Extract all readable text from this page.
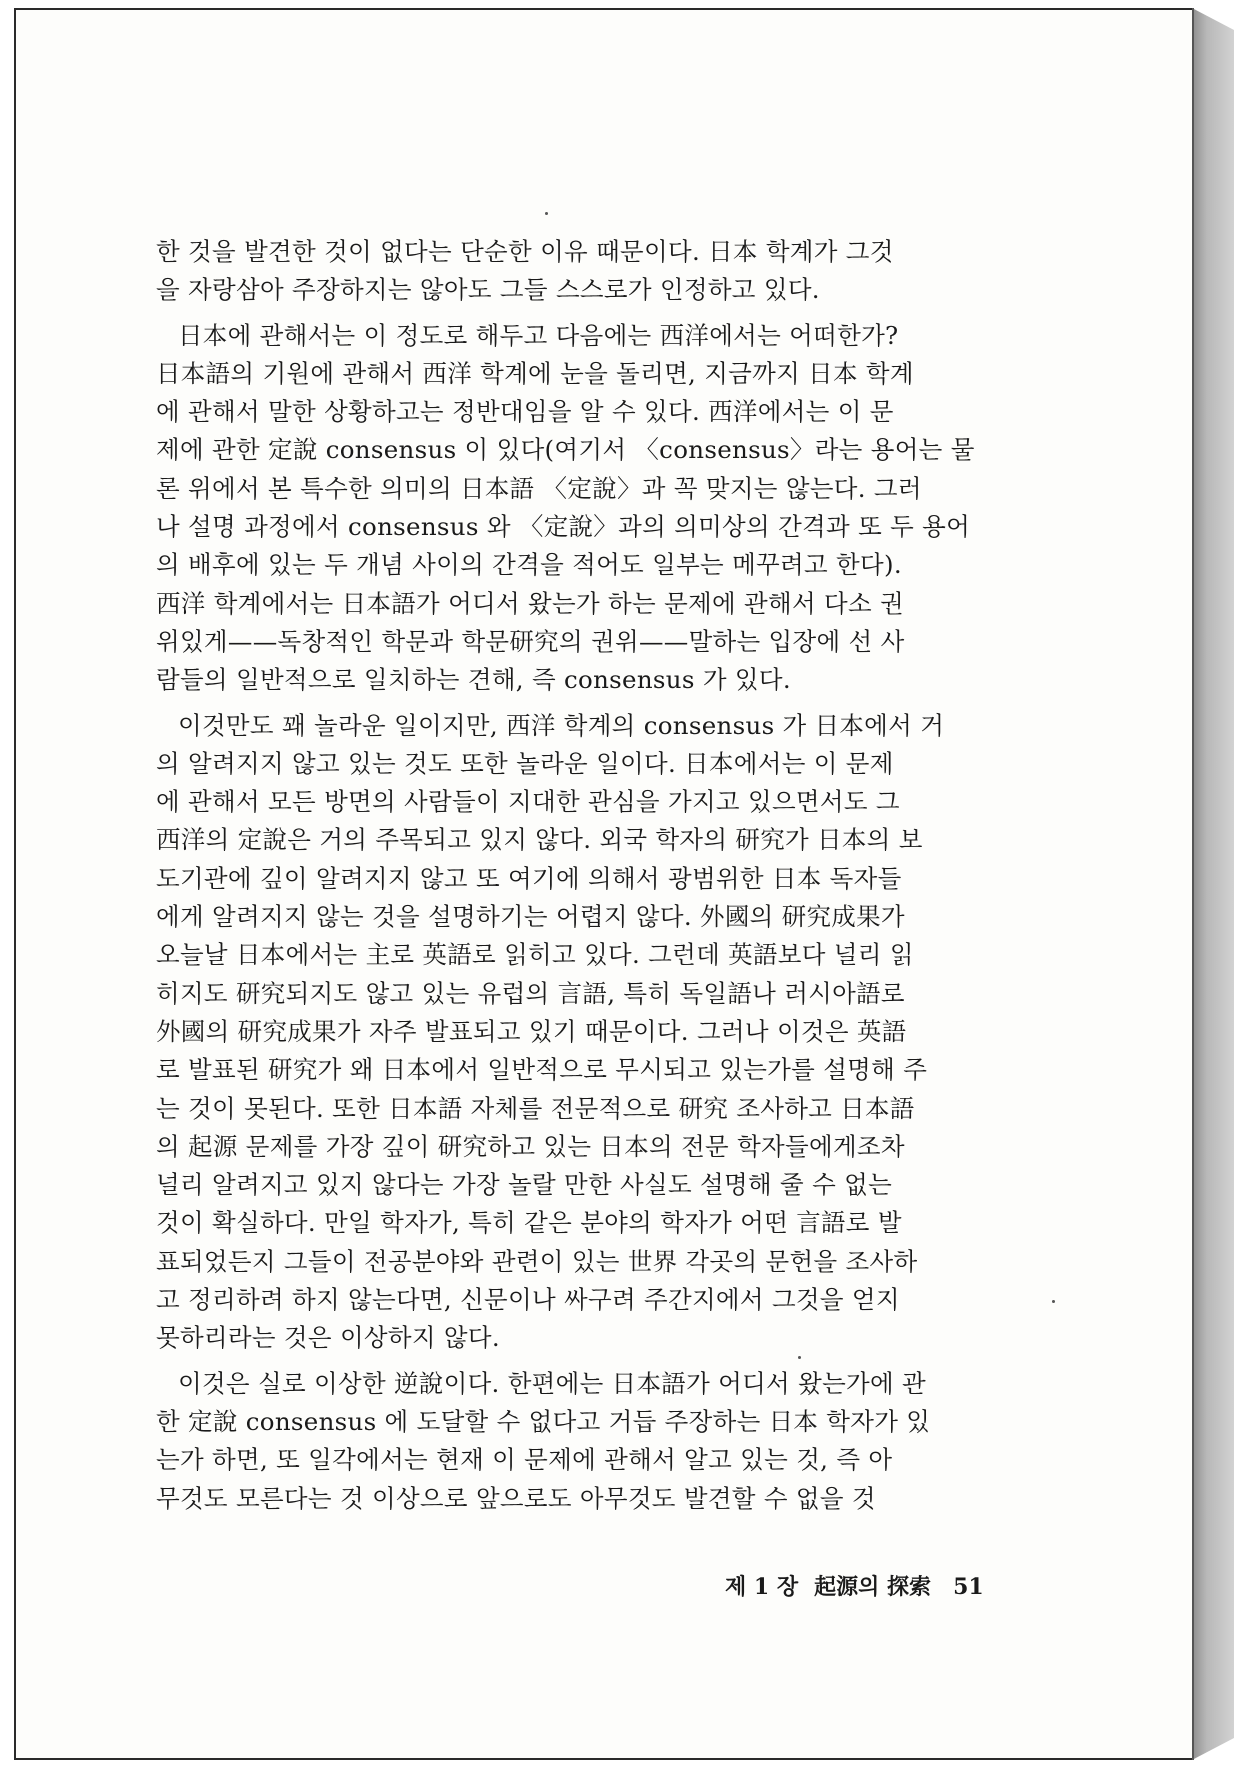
한 것을 발견한 것이 없다는 단순한 이유 때문이다. 日本 학계가 그것
을 자랑삼아 주장하지는 않아도 그들 스스로가 인정하고 있다.
日本에 관해서는 이 정도로 해두고 다음에는 西洋에서는 어떠한가?
日本語의 기원에 관해서 西洋 학계에 눈을 돌리면, 지금까지 日本 학계
에 관해서 말한 상황하고는 정반대임을 알 수 있다. 西洋에서는 이 문
제에 관한 定說 consensus 이 있다(여기서 〈consensus〉라는 용어는 물
론 위에서 본 특수한 의미의 日本語 〈定說〉과 꼭 맞지는 않는다. 그러
나 설명 과정에서 consensus 와 〈定說〉과의 의미상의 간격과 또 두 용어
의 배후에 있는 두 개념 사이의 간격을 적어도 일부는 메꾸려고 한다).
西洋 학계에서는 日本語가 어디서 왔는가 하는 문제에 관해서 다소 권
위있게——독창적인 학문과 학문研究의 권위——말하는 입장에 선 사
람들의 일반적으로 일치하는 견해, 즉 consensus 가 있다.
이것만도 꽤 놀라운 일이지만, 西洋 학계의 consensus 가 日本에서 거
의 알려지지 않고 있는 것도 또한 놀라운 일이다. 日本에서는 이 문제
에 관해서 모든 방면의 사람들이 지대한 관심을 가지고 있으면서도 그
西洋의 定說은 거의 주목되고 있지 않다. 외국 학자의 研究가 日本의 보
도기관에 깊이 알려지지 않고 또 여기에 의해서 광범위한 日本 독자들
에게 알려지지 않는 것을 설명하기는 어렵지 않다. 外國의 研究成果가
오늘날 日本에서는 主로 英語로 읽히고 있다. 그런데 英語보다 널리 읽
히지도 研究되지도 않고 있는 유럽의 言語, 특히 독일語나 러시아語로
外國의 研究成果가 자주 발표되고 있기 때문이다. 그러나 이것은 英語
로 발표된 研究가 왜 日本에서 일반적으로 무시되고 있는가를 설명해 주
는 것이 못된다. 또한 日本語 자체를 전문적으로 研究 조사하고 日本語
의 起源 문제를 가장 깊이 研究하고 있는 日本의 전문 학자들에게조차
널리 알려지고 있지 않다는 가장 놀랄 만한 사실도 설명해 줄 수 없는
것이 확실하다. 만일 학자가, 특히 같은 분야의 학자가 어떤 言語로 발
표되었든지 그들이 전공분야와 관련이 있는 世界 각곳의 문헌을 조사하
고 정리하려 하지 않는다면, 신문이나 싸구려 주간지에서 그것을 얻지
못하리라는 것은 이상하지 않다.
이것은 실로 이상한 逆說이다. 한편에는 日本語가 어디서 왔는가에 관
한 定說 consensus 에 도달할 수 없다고 거듭 주장하는 日本 학자가 있
는가 하면, 또 일각에서는 현재 이 문제에 관해서 알고 있는 것, 즉 아
무것도 모른다는 것 이상으로 앞으로도 아무것도 발견할 수 없을 것
제 1 장 起源의 探索 51
